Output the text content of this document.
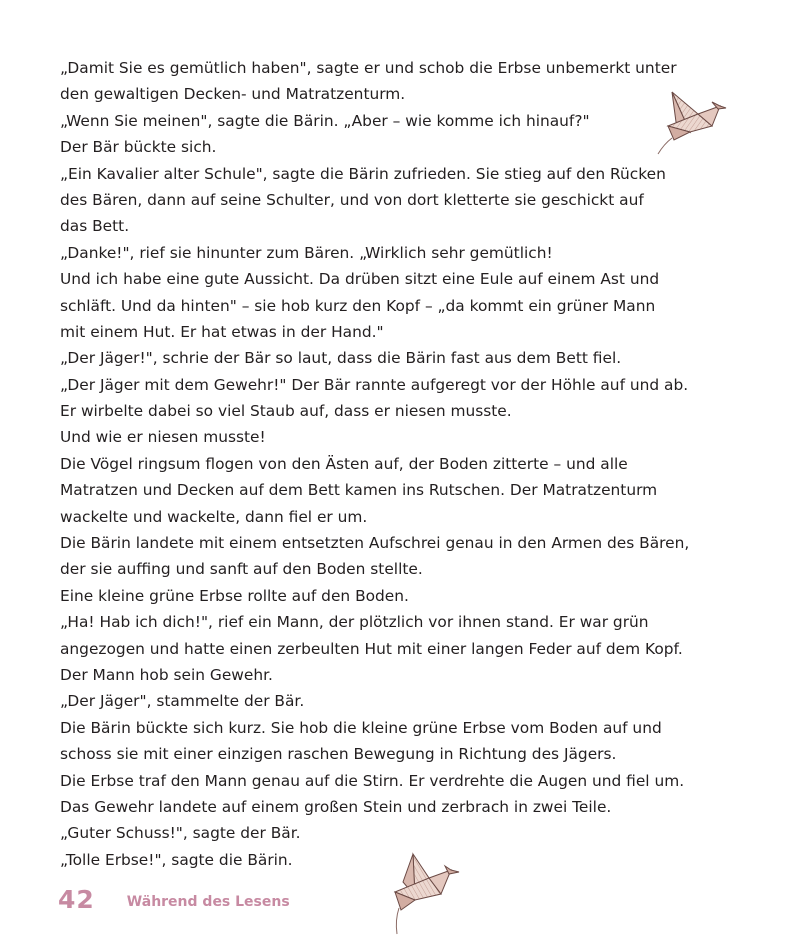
„Damit Sie es gemütlich haben", sagte er und schob die Erbse unbemerkt unter
den gewaltigen Decken- und Matratzenturm.
„Wenn Sie meinen", sagte die Bärin. „Aber – wie komme ich hinauf?"
Der Bär bückte sich.
„Ein Kavalier alter Schule", sagte die Bärin zufrieden. Sie stieg auf den Rücken
des Bären, dann auf seine Schulter, und von dort kletterte sie geschickt auf
das Bett.
„Danke!", rief sie hinunter zum Bären. „Wirklich sehr gemütlich!
Und ich habe eine gute Aussicht. Da drüben sitzt eine Eule auf einem Ast und
schläft. Und da hinten" – sie hob kurz den Kopf – „da kommt ein grüner Mann
mit einem Hut. Er hat etwas in der Hand."
„Der Jäger!", schrie der Bär so laut, dass die Bärin fast aus dem Bett fiel.
„Der Jäger mit dem Gewehr!" Der Bär rannte aufgeregt vor der Höhle auf und ab.
Er wirbelte dabei so viel Staub auf, dass er niesen musste.
Und wie er niesen musste!
Die Vögel ringsum flogen von den Ästen auf, der Boden zitterte – und alle
Matratzen und Decken auf dem Bett kamen ins Rutschen. Der Matratzenturm
wackelte und wackelte, dann fiel er um.
Die Bärin landete mit einem entsetzten Aufschrei genau in den Armen des Bären,
der sie auffing und sanft auf den Boden stellte.
Eine kleine grüne Erbse rollte auf den Boden.
„Ha! Hab ich dich!", rief ein Mann, der plötzlich vor ihnen stand. Er war grün
angezogen und hatte einen zerbeulten Hut mit einer langen Feder auf dem Kopf.
Der Mann hob sein Gewehr.
„Der Jäger", stammelte der Bär.
Die Bärin bückte sich kurz. Sie hob die kleine grüne Erbse vom Boden auf und
schoss sie mit einer einzigen raschen Bewegung in Richtung des Jägers.
Die Erbse traf den Mann genau auf die Stirn. Er verdrehte die Augen und fiel um.
Das Gewehr landete auf einem großen Stein und zerbrach in zwei Teile.
„Guter Schuss!", sagte der Bär.
„Tolle Erbse!", sagte die Bärin.
42 Während des Lesens
